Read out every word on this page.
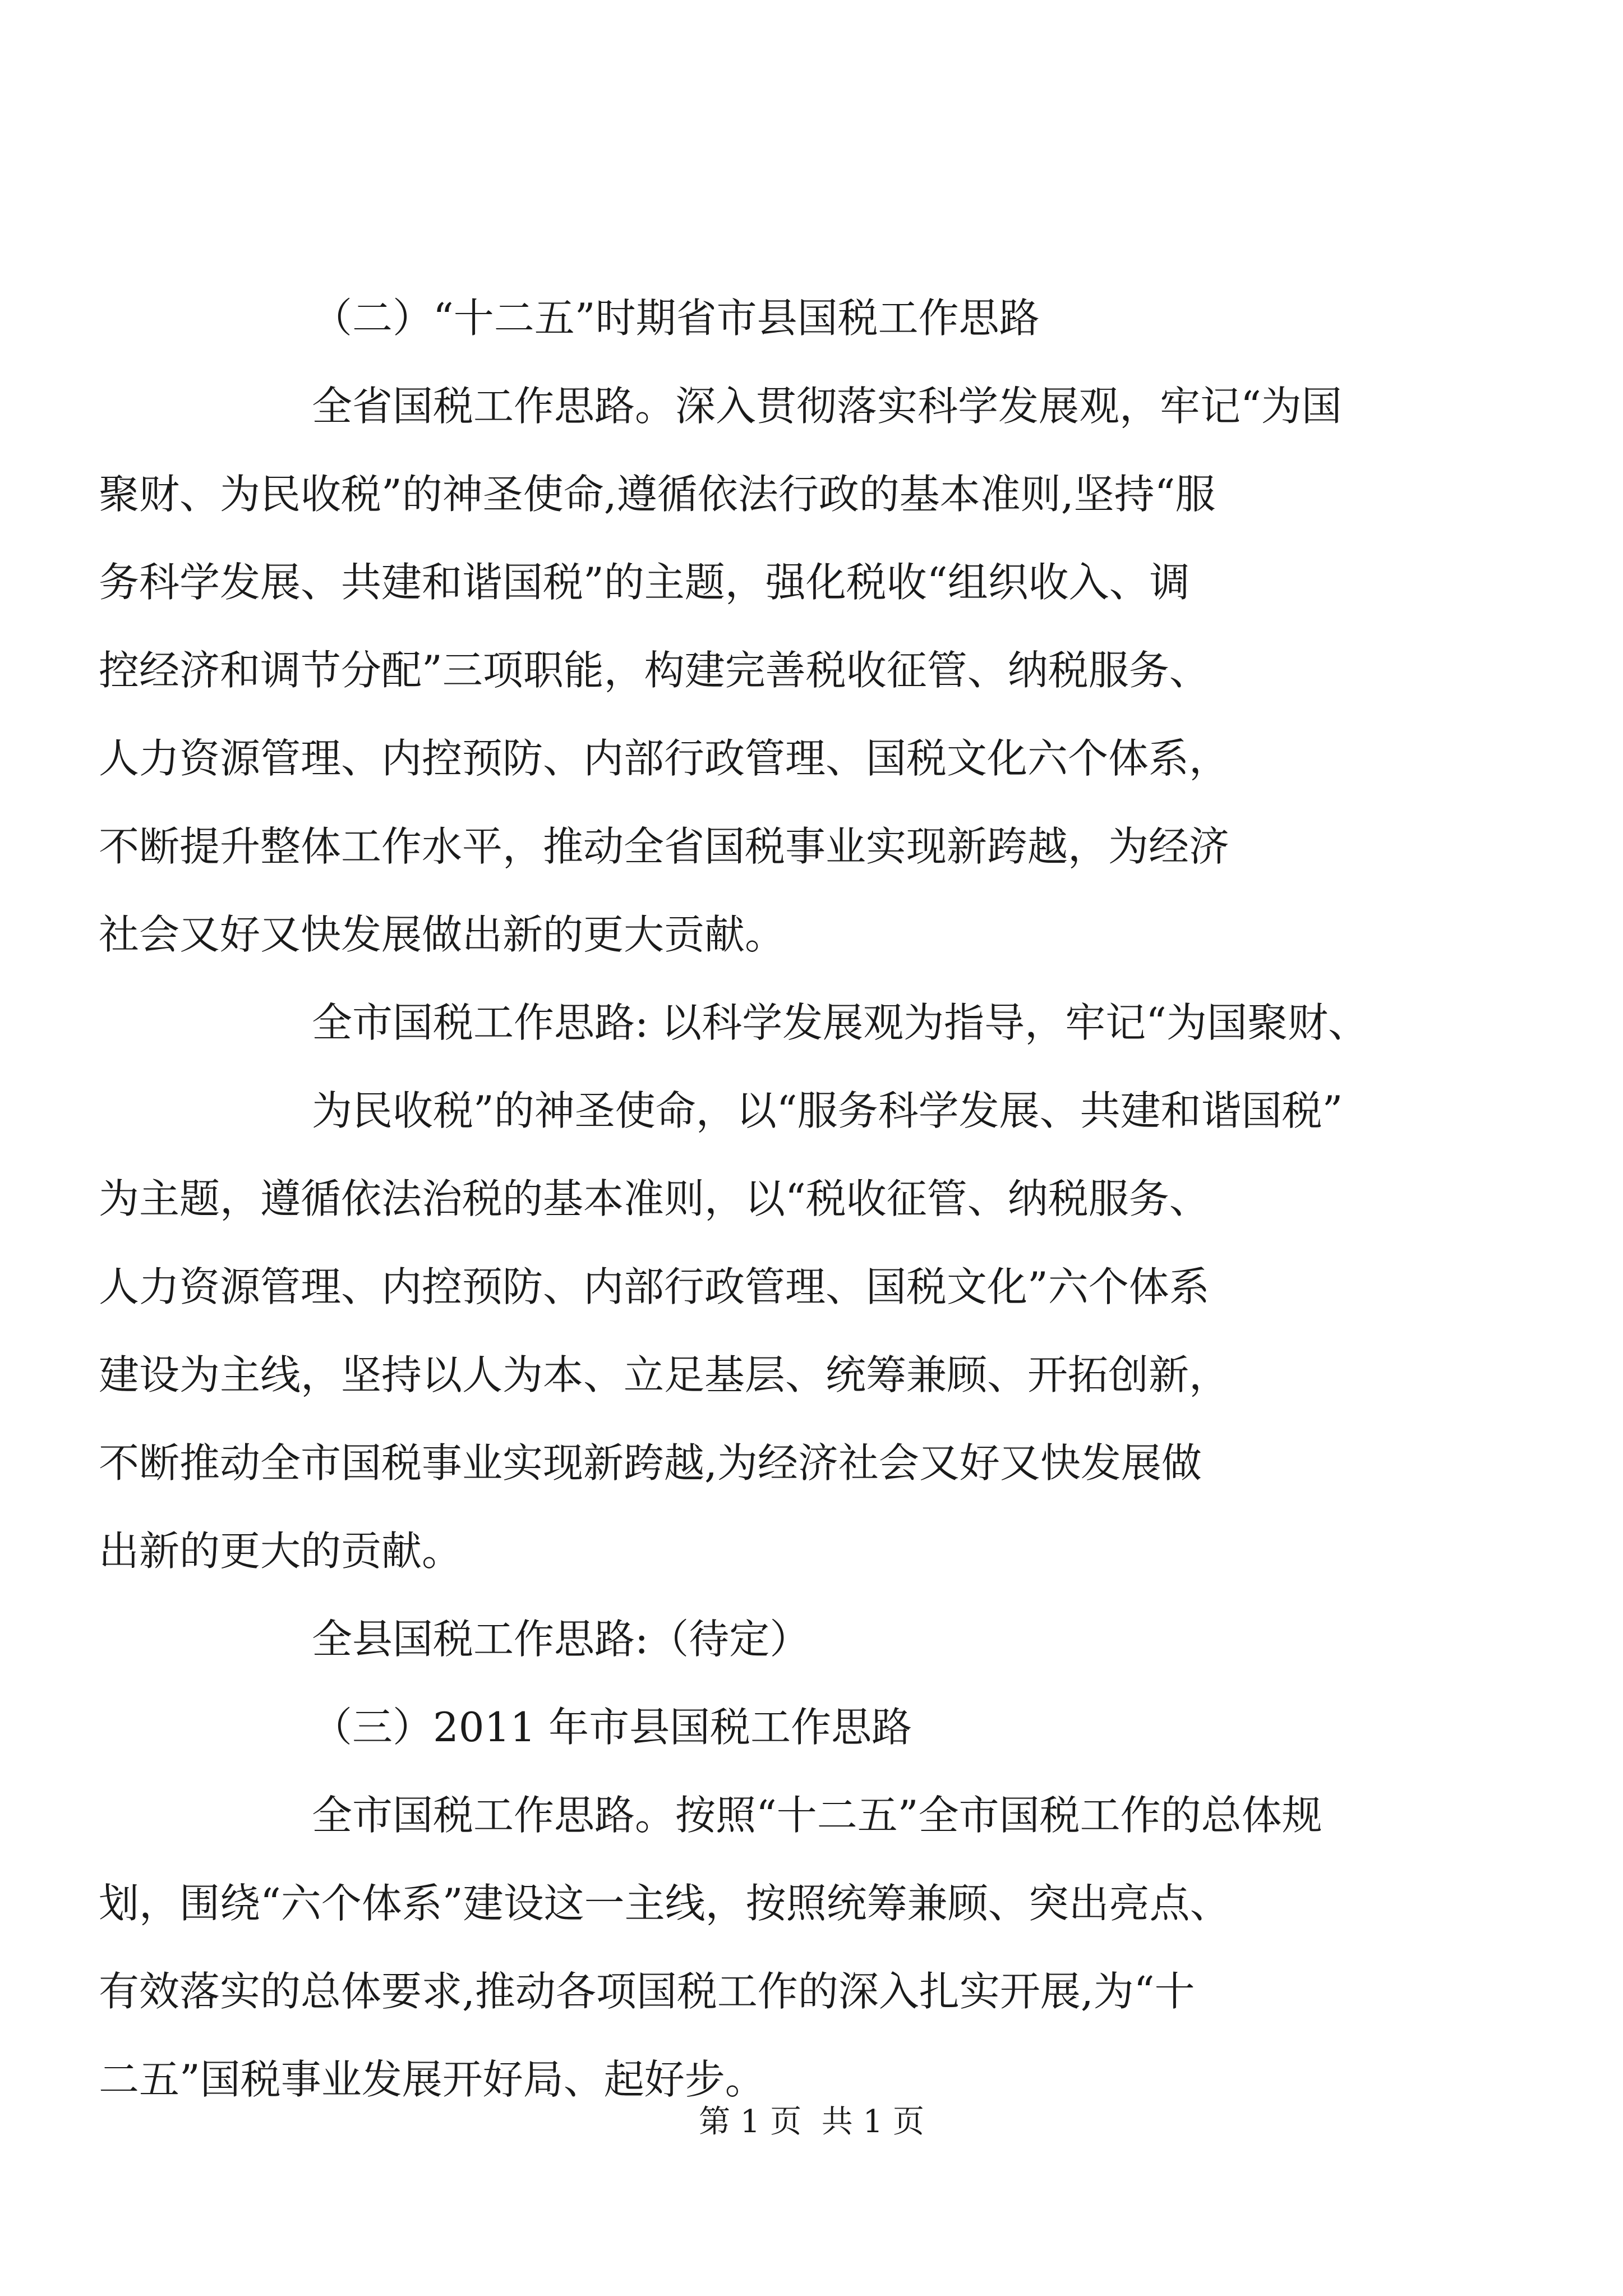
（二）“十二五”时期省市县国税工作思路

全省国税工作思路。深入贯彻落实科学发展观，牢记“为国

聚财、为民收税”的神圣使命,遵循依法行政的基本准则,坚持“服

务科学发展、共建和谐国税”的主题，强化税收“组织收入、调

控经济和调节分配”三项职能，构建完善税收征管、纳税服务、

人力资源管理、内控预防、内部行政管理、国税文化六个体系，

不断提升整体工作水平，推动全省国税事业实现新跨越，为经济

社会又好又快发展做出新的更大贡献。

全市国税工作思路: 以科学发展观为指导，牢记“为国聚财、

为民收税”的神圣使命，以“服务科学发展、共建和谐国税”

为主题，遵循依法治税的基本准则，以“税收征管、纳税服务、

人力资源管理、内控预防、内部行政管理、国税文化”六个体系

建设为主线，坚持以人为本、立足基层、统筹兼顾、开拓创新，

不断推动全市国税事业实现新跨越,为经济社会又好又快发展做

出新的更大的贡献。

全县国税工作思路:（待定）

（三）2011 年市县国税工作思路

全市国税工作思路。按照“十二五”全市国税工作的总体规

划，围绕“六个体系”建设这一主线，按照统筹兼顾、突出亮点、

有效落实的总体要求,推动各项国税工作的深入扎实开展,为“十

二五”国税事业发展开好局、起好步。

第 1 页  共 1 页
